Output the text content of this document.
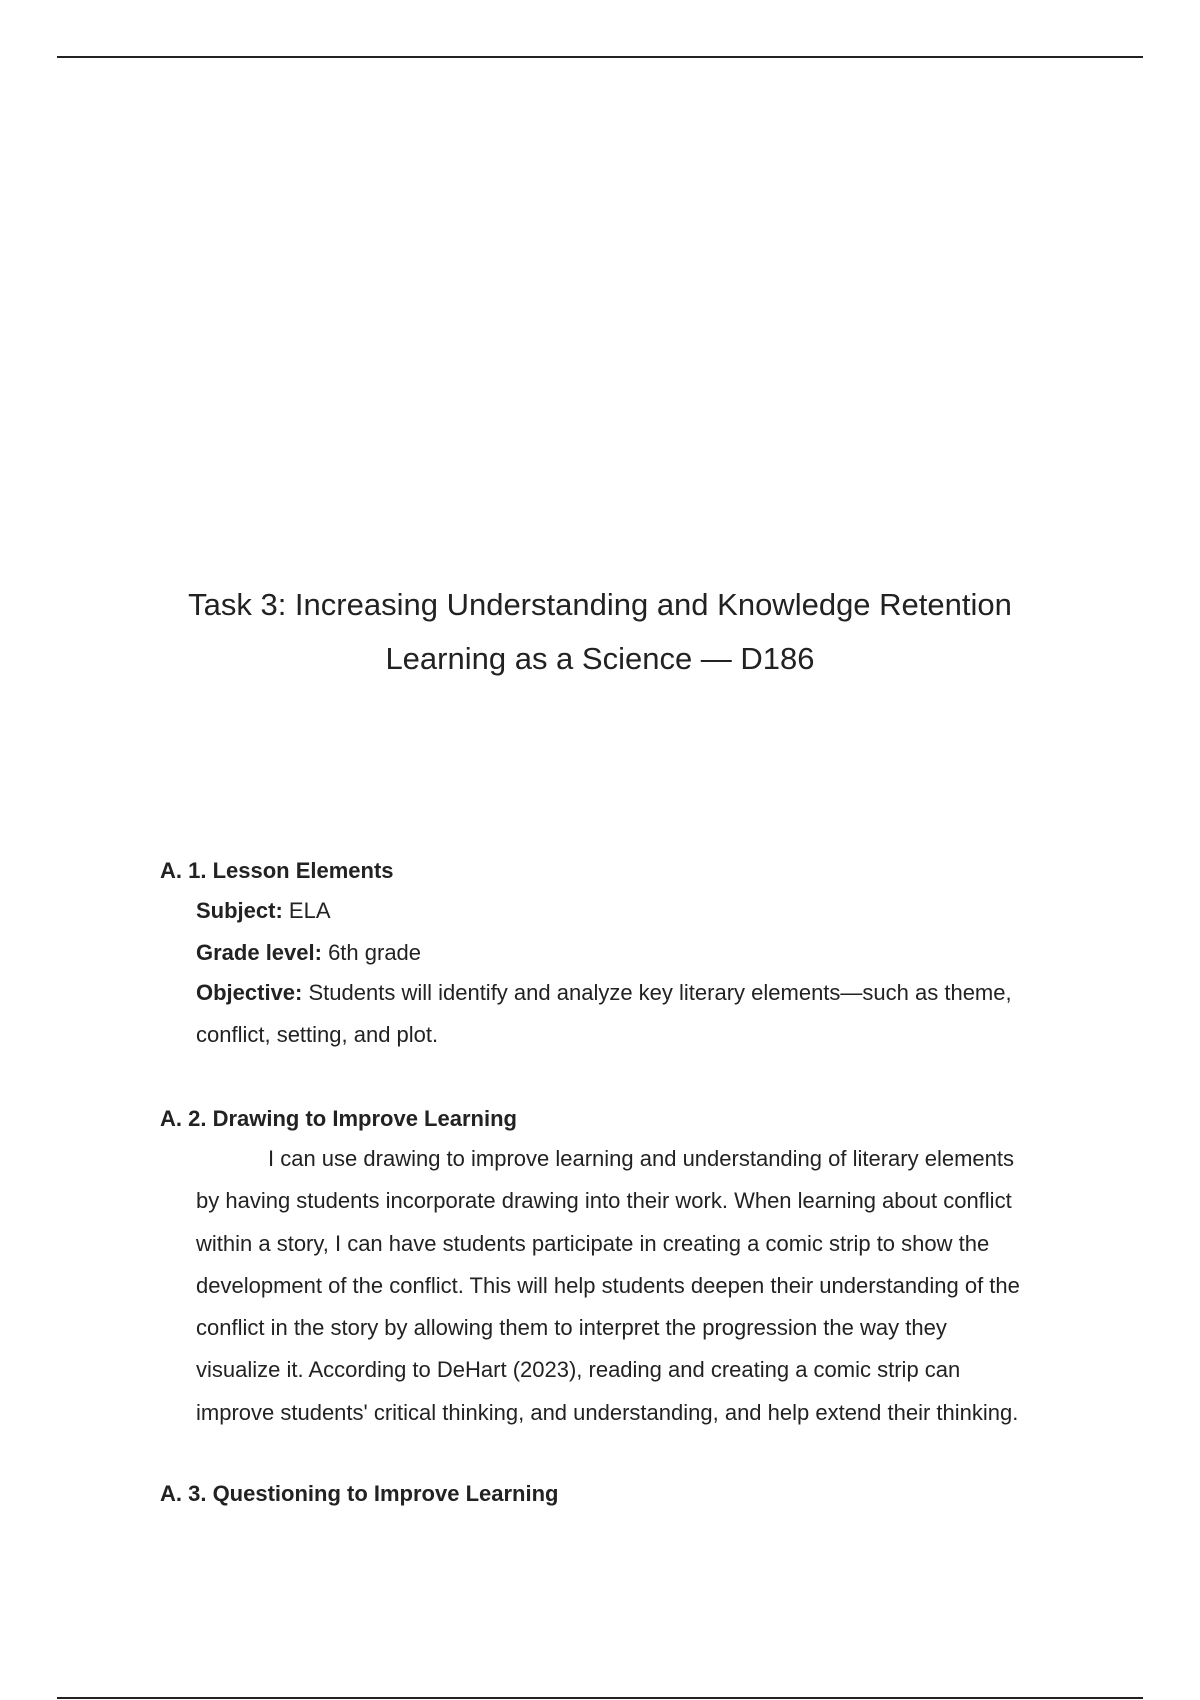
Task 3: Increasing Understanding and Knowledge Retention
Learning as a Science — D186
A. 1. Lesson Elements
Subject: ELA
Grade level: 6th grade
Objective: Students will identify and analyze key literary elements—such as theme,
conflict, setting, and plot.
A. 2. Drawing to Improve Learning
I can use drawing to improve learning and understanding of literary elements
by having students incorporate drawing into their work. When learning about conflict
within a story, I can have students participate in creating a comic strip to show the
development of the conflict. This will help students deepen their understanding of the
conflict in the story by allowing them to interpret the progression the way they
visualize it. According to DeHart (2023), reading and creating a comic strip can
improve students' critical thinking, and understanding, and help extend their thinking.
A. 3. Questioning to Improve Learning
